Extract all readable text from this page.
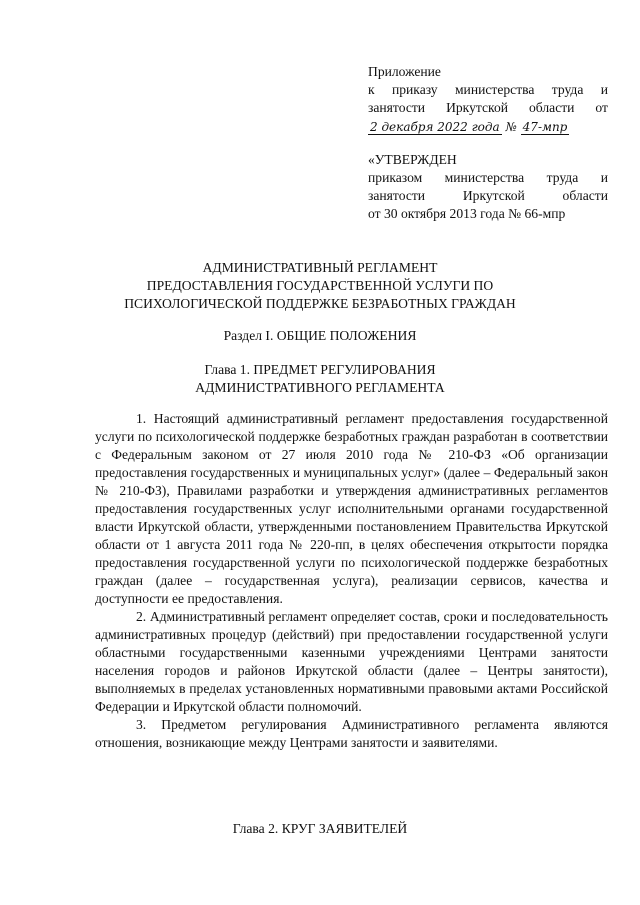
Приложение
к приказу министерства труда и
занятости Иркутской области от
2 декабря 2022 года № 47-мпр
«УТВЕРЖДЕН
приказом министерства труда и
занятости Иркутской области
от 30 октября 2013 года № 66-мпр
АДМИНИСТРАТИВНЫЙ РЕГЛАМЕНТ
ПРЕДОСТАВЛЕНИЯ ГОСУДАРСТВЕННОЙ УСЛУГИ ПО
ПСИХОЛОГИЧЕСКОЙ ПОДДЕРЖКЕ БЕЗРАБОТНЫХ ГРАЖДАН
Раздел I. ОБЩИЕ ПОЛОЖЕНИЯ
Глава 1. ПРЕДМЕТ РЕГУЛИРОВАНИЯ
АДМИНИСТРАТИВНОГО РЕГЛАМЕНТА

1. Настоящий административный регламент предоставления государственной услуги по психологической поддержке безработных граждан разработан в соответствии с Федеральным законом от 27 июля 2010 года № 210-ФЗ «Об организации предоставления государственных и муниципальных услуг» (далее – Федеральный закон № 210-ФЗ), Правилами разработки и утверждения административных регламентов предоставления государственных услуг исполнительными органами государственной власти Иркутской области, утвержденными постановлением Правительства Иркутской области от 1 августа 2011 года № 220-пп, в целях обеспечения открытости порядка предоставления государственной услуги по психологической поддержке безработных граждан (далее – государственная услуга), реализации сервисов, качества и доступности ее предоставления.

2. Административный регламент определяет состав, сроки и последовательность административных процедур (действий) при предоставлении государственной услуги областными государственными казенными учреждениями Центрами занятости населения городов и районов Иркутской области (далее – Центры занятости), выполняемых в пределах установленных нормативными правовыми актами Российской Федерации и Иркутской области полномочий.

3. Предметом регулирования Административного регламента являются отношения, возникающие между Центрами занятости и заявителями.

Глава 2. КРУГ ЗАЯВИТЕЛЕЙ
